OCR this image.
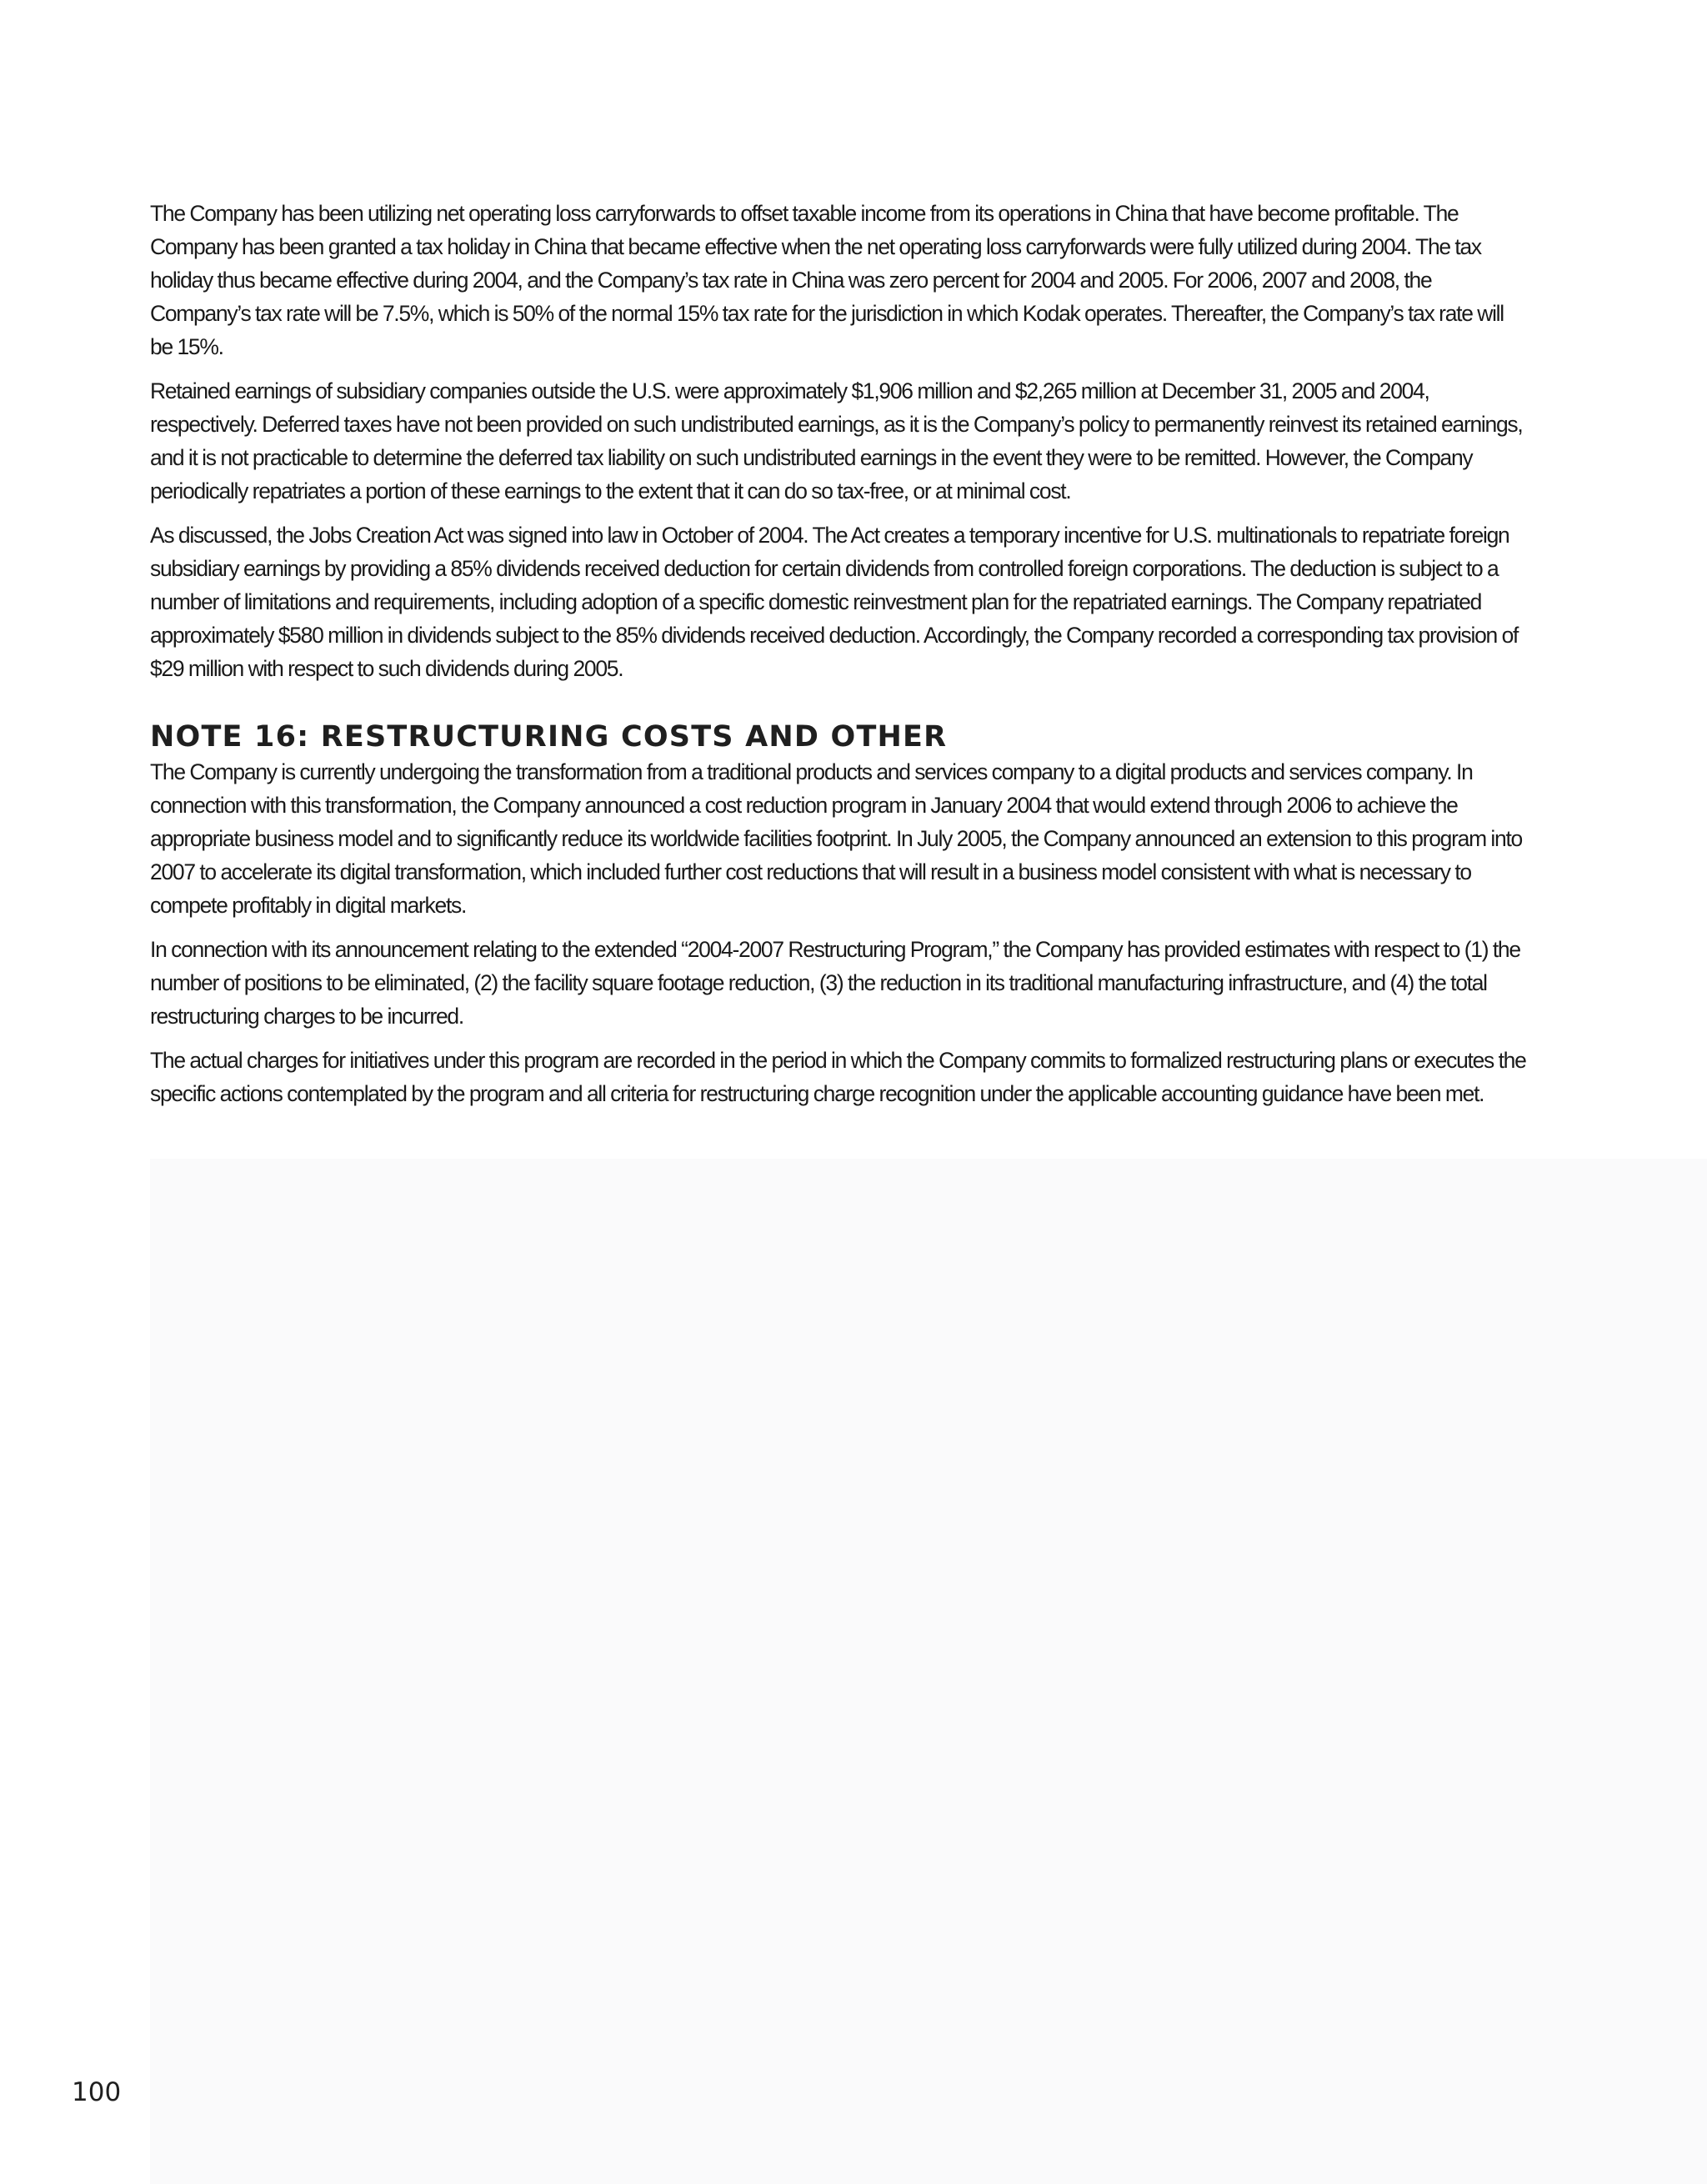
The Company has been utilizing net operating loss carryforwards to offset taxable income from its operations in China that have become profitable. The Company has been granted a tax holiday in China that became effective when the net operating loss carryforwards were fully utilized during 2004. The tax holiday thus became effective during 2004, and the Company’s tax rate in China was zero percent for 2004 and 2005. For 2006, 2007 and 2008, the Company’s tax rate will be 7.5%, which is 50% of the normal 15% tax rate for the jurisdiction in which Kodak operates. Thereafter, the Company’s tax rate will be 15%.

Retained earnings of subsidiary companies outside the U.S. were approximately $1,906 million and $2,265 million at December 31, 2005 and 2004, respectively. Deferred taxes have not been provided on such undistributed earnings, as it is the Company’s policy to permanently reinvest its retained earnings, and it is not practicable to determine the deferred tax liability on such undistributed earnings in the event they were to be remitted. However, the Company periodically repatriates a portion of these earnings to the extent that it can do so tax-free, or at minimal cost.

As discussed, the Jobs Creation Act was signed into law in October of 2004. The Act creates a temporary incentive for U.S. multinationals to repatriate foreign subsidiary earnings by providing a 85% dividends received deduction for certain dividends from controlled foreign corporations. The deduction is subject to a number of limitations and requirements, including adoption of a specific domestic reinvestment plan for the repatriated earnings. The Company repatriated approximately $580 million in dividends subject to the 85% dividends received deduction. Accordingly, the Company recorded a corresponding tax provision of $29 million with respect to such dividends during 2005.

NOTE 16: RESTRUCTURING COSTS AND OTHER

The Company is currently undergoing the transformation from a traditional products and services company to a digital products and services company. In connection with this transformation, the Company announced a cost reduction program in January 2004 that would extend through 2006 to achieve the appropriate business model and to significantly reduce its worldwide facilities footprint. In July 2005, the Company announced an extension to this program into 2007 to accelerate its digital transformation, which included further cost reductions that will result in a business model consistent with what is necessary to compete profitably in digital markets.

In connection with its announcement relating to the extended “2004-2007 Restructuring Program,” the Company has provided estimates with respect to (1) the number of positions to be eliminated, (2) the facility square footage reduction, (3) the reduction in its traditional manufacturing infrastructure, and (4) the total restructuring charges to be incurred.

The actual charges for initiatives under this program are recorded in the period in which the Company commits to formalized restructuring plans or executes the specific actions contemplated by the program and all criteria for restructuring charge recognition under the applicable accounting guidance have been met.

100
